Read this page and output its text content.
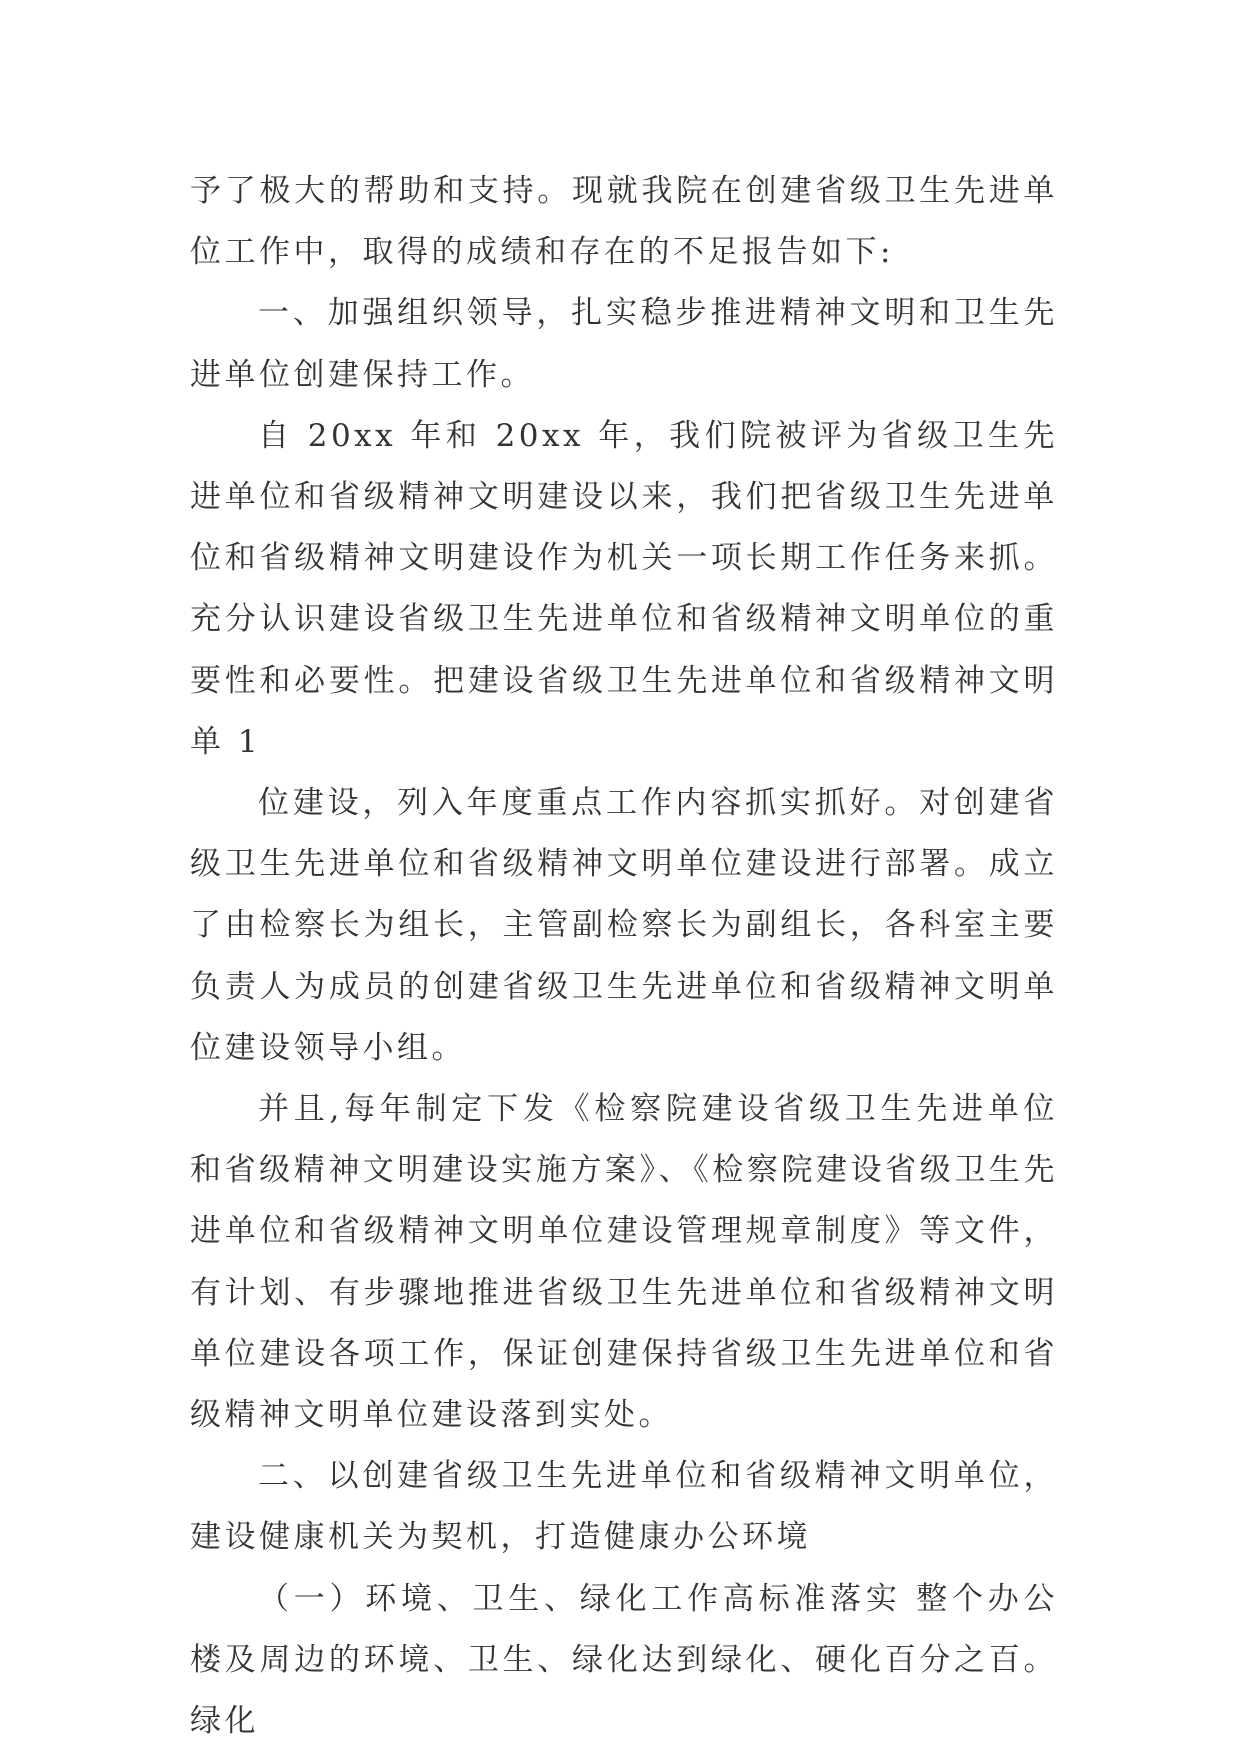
予了极大的帮助和支持。现就我院在创建省级卫生先进单位工作中，取得的成绩和存在的不足报告如下:

一、加强组织领导，扎实稳步推进精神文明和卫生先进单位创建保持工作。

自 20xx 年和 20xx 年，我们院被评为省级卫生先进单位和省级精神文明建设以来，我们把省级卫生先进单位和省级精神文明建设作为机关一项长期工作任务来抓。 充分认识建设省级卫生先进单位和省级精神文明单位的重要性和必要性。把建设省级卫生先进单位和省级精神文明单 1

位建设，列入年度重点工作内容抓实抓好。对创建省级卫生先进单位和省级精神文明单位建设进行部署。成立了由检察长为组长，主管副检察长为副组长，各科室主要负责人为成员的创建省级卫生先进单位和省级精神文明单位建设领导小组。

并且,每年制定下发《检察院建设省级卫生先进单位和省级精神文明建设实施方案》、《检察院建设省级卫生先进单位和省级精神文明单位建设管理规章制度》等文件，有计划、有步骤地推进省级卫生先进单位和省级精神文明单位建设各项工作，保证创建保持省级卫生先进单位和省级精神文明单位建设落到实处。

二、以创建省级卫生先进单位和省级精神文明单位，建设健康机关为契机，打造健康办公环境

（一）环境、卫生、绿化工作高标准落实 整个办公楼及周边的环境、卫生、绿化达到绿化、硬化百分之百。绿化
